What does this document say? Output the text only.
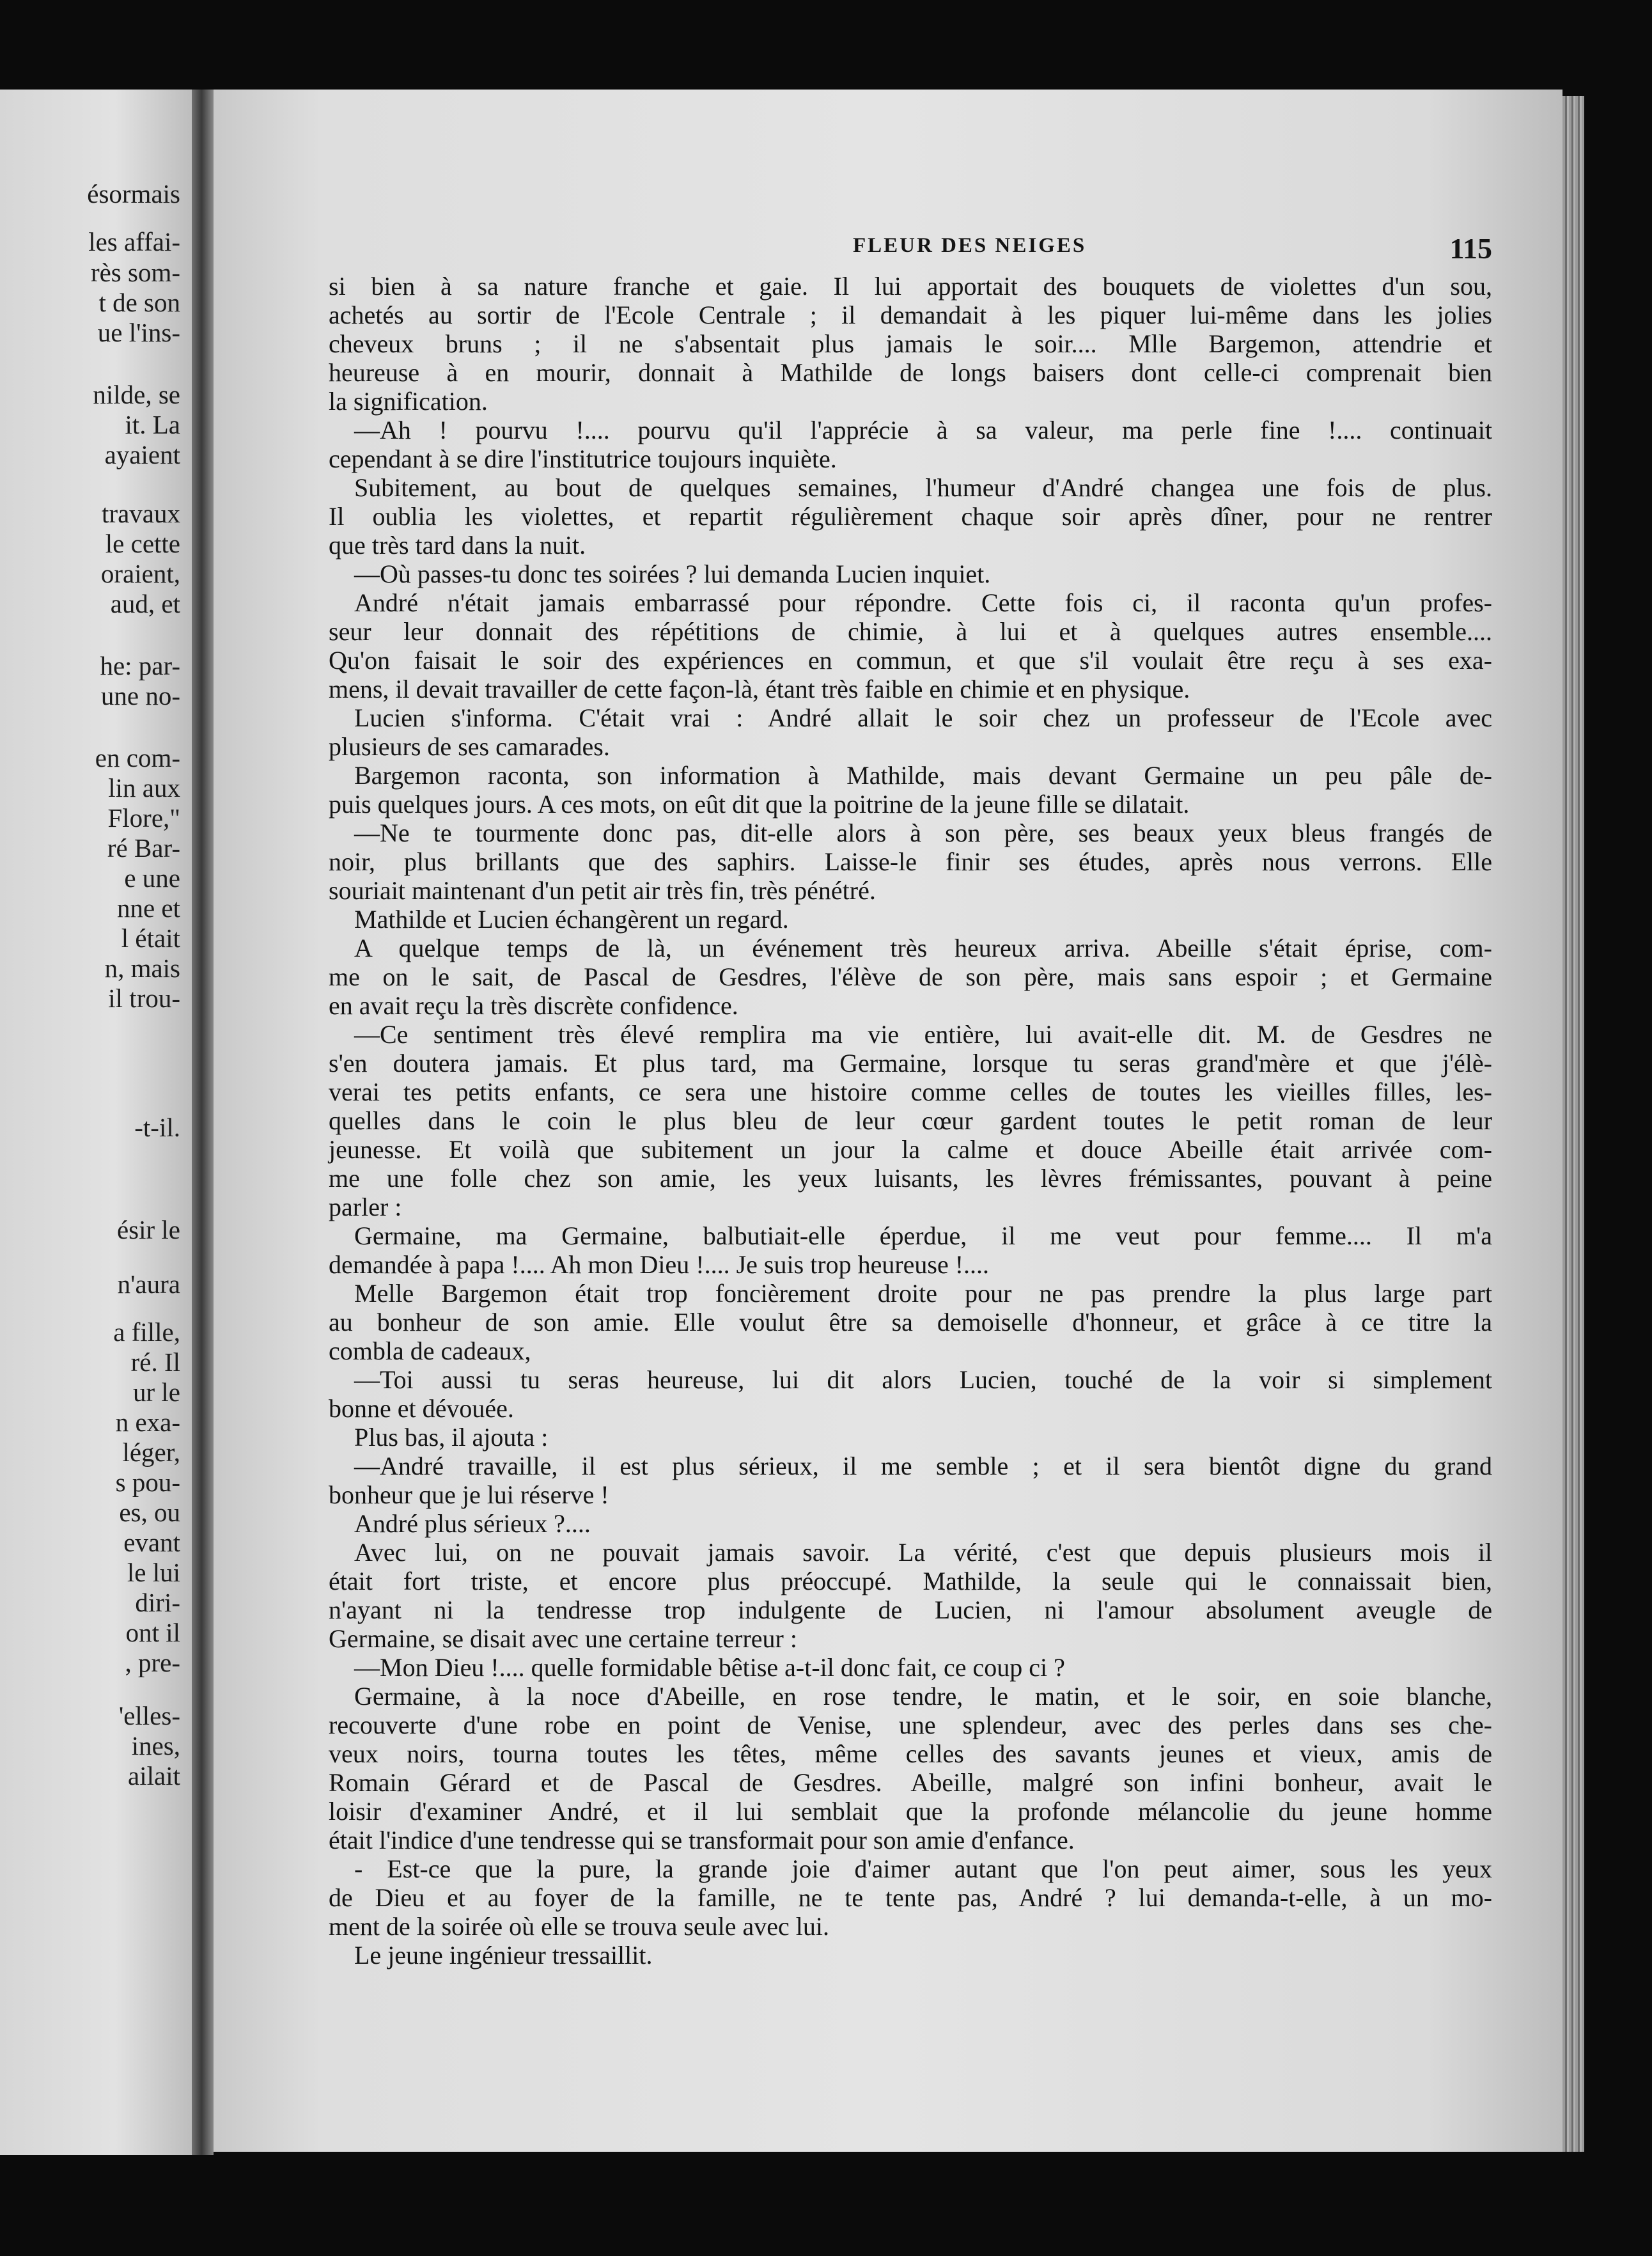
ésormais
les affai-
rès som-
t de son
ue l'ins-
nilde, se
it. La
ayaient
travaux
le cette
oraient,
aud, et
he: par-
une no-
en com-
lin aux
Flore,"
ré Bar-
e une
nne et
l était
n, mais
il trou-
-t-il.
ésir le
n'aura
a fille,
ré. Il
ur le
n exa-
léger,
s pou-
es, ou
evant
le lui
diri-
ont il
, pre-
'elles-
ines,
ailait
FLEUR DES NEIGES	115
si bien à sa nature franche et gaie. Il lui apportait des bouquets de violettes d'un sou,
achetés au sortir de l'Ecole Centrale ; il demandait à les piquer lui-même dans les jolies
cheveux bruns ; il ne s'absentait plus jamais le soir.... Mlle Bargemon, attendrie et
heureuse à en mourir, donnait à Mathilde de longs baisers dont celle-ci comprenait bien
la signification.
—Ah ! pourvu !.... pourvu qu'il l'apprécie à sa valeur, ma perle fine !.... continuait
cependant à se dire l'institutrice toujours inquiète.
Subitement, au bout de quelques semaines, l'humeur d'André changea une fois de plus.
Il oublia les violettes, et repartit régulièrement chaque soir après dîner, pour ne rentrer
que très tard dans la nuit.
—Où passes-tu donc tes soirées ? lui demanda Lucien inquiet.
André n'était jamais embarrassé pour répondre. Cette fois ci, il raconta qu'un profes-
seur leur donnait des répétitions de chimie, à lui et à quelques autres ensemble....
Qu'on faisait le soir des expériences en commun, et que s'il voulait être reçu à ses exa-
mens, il devait travailler de cette façon-là, étant très faible en chimie et en physique.
Lucien s'informa. C'était vrai : André allait le soir chez un professeur de l'Ecole avec
plusieurs de ses camarades.
Bargemon raconta, son information à Mathilde, mais devant Germaine un peu pâle de-
puis quelques jours. A ces mots, on eût dit que la poitrine de la jeune fille se dilatait.
—Ne te tourmente donc pas, dit-elle alors à son père, ses beaux yeux bleus frangés de
noir, plus brillants que des saphirs. Laisse-le finir ses études, après nous verrons. Elle
souriait maintenant d'un petit air très fin, très pénétré.
Mathilde et Lucien échangèrent un regard.
A quelque temps de là, un événement très heureux arriva. Abeille s'était éprise, com-
me on le sait, de Pascal de Gesdres, l'élève de son père, mais sans espoir ; et Germaine
en avait reçu la très discrète confidence.
—Ce sentiment très élevé remplira ma vie entière, lui avait-elle dit. M. de Gesdres ne
s'en doutera jamais. Et plus tard, ma Germaine, lorsque tu seras grand'mère et que j'élè-
verai tes petits enfants, ce sera une histoire comme celles de toutes les vieilles filles, les-
quelles dans le coin le plus bleu de leur cœur gardent toutes le petit roman de leur
jeunesse. Et voilà que subitement un jour la calme et douce Abeille était arrivée com-
me une folle chez son amie, les yeux luisants, les lèvres frémissantes, pouvant à peine
parler :
Germaine, ma Germaine, balbutiait-elle éperdue, il me veut pour femme.... Il m'a
demandée à papa !.... Ah mon Dieu !.... Je suis trop heureuse !....
Melle Bargemon était trop foncièrement droite pour ne pas prendre la plus large part
au bonheur de son amie. Elle voulut être sa demoiselle d'honneur, et grâce à ce titre la
combla de cadeaux,
—Toi aussi tu seras heureuse, lui dit alors Lucien, touché de la voir si simplement
bonne et dévouée.
Plus bas, il ajouta :
—André travaille, il est plus sérieux, il me semble ; et il sera bientôt digne du grand
bonheur que je lui réserve !
André plus sérieux ?....
Avec lui, on ne pouvait jamais savoir. La vérité, c'est que depuis plusieurs mois il
était fort triste, et encore plus préoccupé. Mathilde, la seule qui le connaissait bien,
n'ayant ni la tendresse trop indulgente de Lucien, ni l'amour absolument aveugle de
Germaine, se disait avec une certaine terreur :
—Mon Dieu !.... quelle formidable bêtise a-t-il donc fait, ce coup ci ?
Germaine, à la noce d'Abeille, en rose tendre, le matin, et le soir, en soie blanche,
recouverte d'une robe en point de Venise, une splendeur, avec des perles dans ses che-
veux noirs, tourna toutes les têtes, même celles des savants jeunes et vieux, amis de
Romain Gérard et de Pascal de Gesdres. Abeille, malgré son infini bonheur, avait le
loisir d'examiner André, et il lui semblait que la profonde mélancolie du jeune homme
était l'indice d'une tendresse qui se transformait pour son amie d'enfance.
- Est-ce que la pure, la grande joie d'aimer autant que l'on peut aimer, sous les yeux
de Dieu et au foyer de la famille, ne te tente pas, André ? lui demanda-t-elle, à un mo-
ment de la soirée où elle se trouva seule avec lui.
Le jeune ingénieur tressaillit.
